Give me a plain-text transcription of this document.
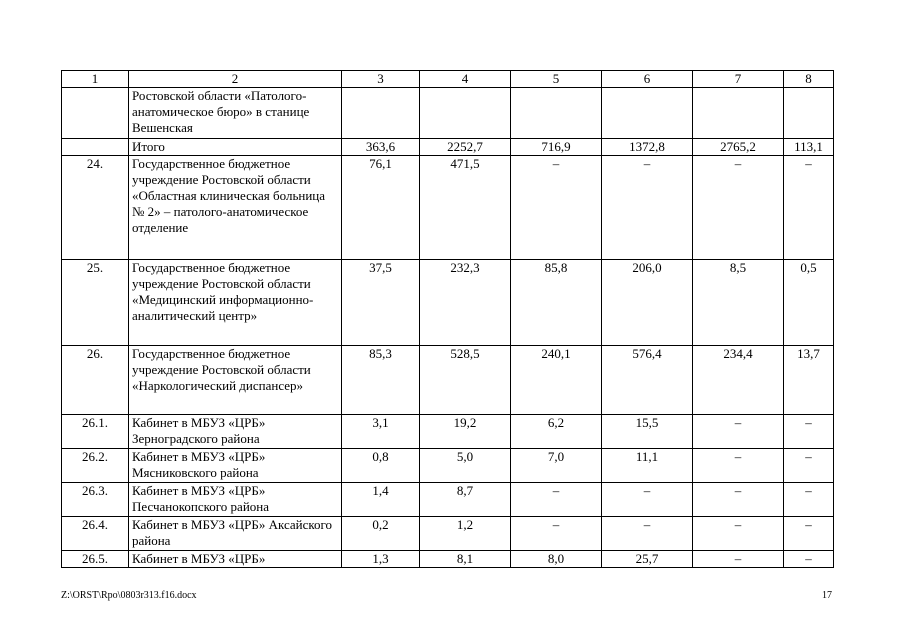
1	2	3	4	5	6	7	8
	Ростовской области «Патолого-анатомическое бюро» в станице Вешенская						
	Итого	363,6	2252,7	716,9	1372,8	2765,2	113,1
24.	Государственное бюджетное учреждение Ростовской области «Областная клиническая больница № 2» – патолого-анатомическое отделение	76,1	471,5	–	–	–	–
25.	Государственное бюджетное учреждение Ростовской области «Медицинский информационно-аналитический центр»	37,5	232,3	85,8	206,0	8,5	0,5
26.	Государственное бюджетное учреждение Ростовской области «Наркологический диспансер»	85,3	528,5	240,1	576,4	234,4	13,7
26.1.	Кабинет в МБУЗ «ЦРБ» Зерноградского района	3,1	19,2	6,2	15,5	–	–
26.2.	Кабинет в МБУЗ «ЦРБ» Мясниковского района	0,8	5,0	7,0	11,1	–	–
26.3.	Кабинет в МБУЗ «ЦРБ» Песчанокопского района	1,4	8,7	–	–	–	–
26.4.	Кабинет в МБУЗ «ЦРБ» Аксайского района	0,2	1,2	–	–	–	–
26.5.	Кабинет в МБУЗ «ЦРБ»	1,3	8,1	8,0	25,7	–	–
Z:\ORST\Rpo\0803r313.f16.docx	17
